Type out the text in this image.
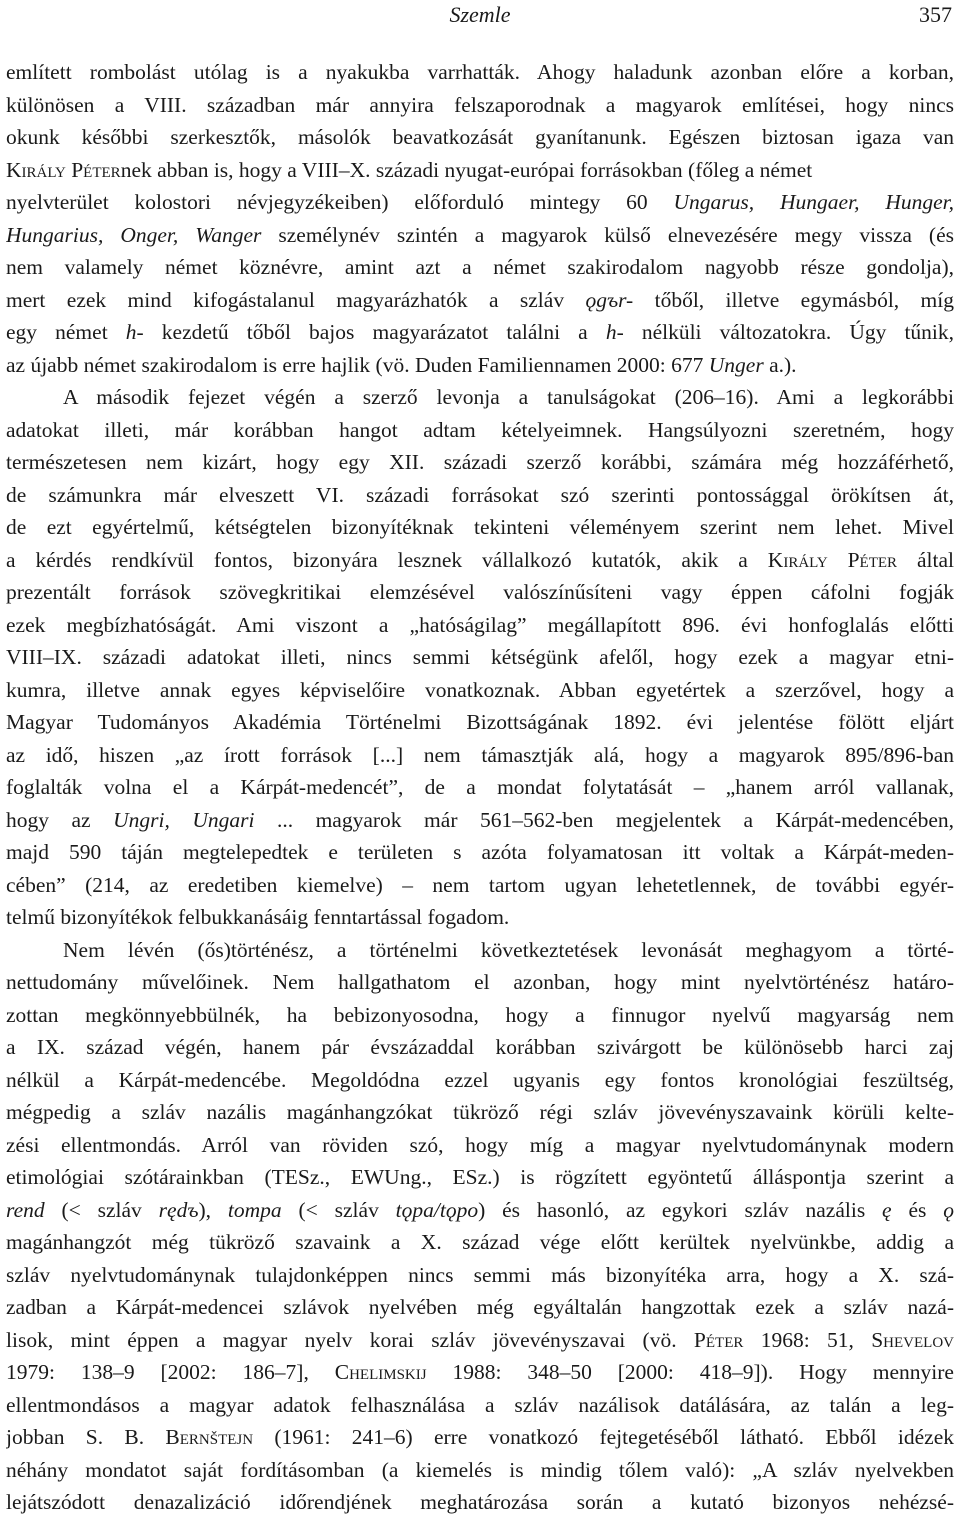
Szemle	357
említett rombolást utólag is a nyakukba varrhatták. Ahogy haladunk azonban előre a korban,
különösen a VIII. században már annyira felszaporodnak a magyarok említései, hogy nincs
okunk későbbi szerkesztők, másolók beavatkozását gyanítanunk. Egészen biztosan igaza van
Király Péternek abban is, hogy a VIII–X. századi nyugat-európai forrásokban (főleg a német
nyelvterület kolostori névjegyzékeiben) előforduló mintegy 60 Ungarus, Hungaer, Hunger,
Hungarius, Onger, Wanger személynév szintén a magyarok külső elnevezésére megy vissza (és
nem valamely német köznévre, amint azt a német szakirodalom nagyobb része gondolja),
mert ezek mind kifogástalanul magyarázhatók a szláv ǫgъr- tőből, illetve egymásból, míg
egy német h- kezdetű tőből bajos magyarázatot találni a h- nélküli változatokra. Úgy tűnik,
az újabb német szakirodalom is erre hajlik (vö. Duden Familiennamen 2000: 677 Unger a.).
A második fejezet végén a szerző levonja a tanulságokat (206–16). Ami a legkorábbi
adatokat illeti, már korábban hangot adtam kételyeimnek. Hangsúlyozni szeretném, hogy
természetesen nem kizárt, hogy egy XII. századi szerző korábbi, számára még hozzáférhető,
de számunkra már elveszett VI. századi forrásokat szó szerinti pontossággal örökítsen át,
de ezt egyértelmű, kétségtelen bizonyítéknak tekinteni véleményem szerint nem lehet. Mivel
a kérdés rendkívül fontos, bizonyára lesznek vállalkozó kutatók, akik a Király Péter által
prezentált források szövegkritikai elemzésével valószínűsíteni vagy éppen cáfolni fogják
ezek megbízhatóságát. Ami viszont a „hatóságilag” megállapított 896. évi honfoglalás előtti
VIII–IX. századi adatokat illeti, nincs semmi kétségünk afelől, hogy ezek a magyar etni-
kumra, illetve annak egyes képviselőire vonatkoznak. Abban egyetértek a szerzővel, hogy a
Magyar Tudományos Akadémia Történelmi Bizottságának 1892. évi jelentése fölött eljárt
az idő, hiszen „az írott források [...] nem támasztják alá, hogy a magyarok 895/896-ban
foglalták volna el a Kárpát-medencét”, de a mondat folytatását – „hanem arról vallanak,
hogy az Ungri, Ungari ... magyarok már 561–562-ben megjelentek a Kárpát-medencében,
majd 590 táján megtelepedtek e területen s azóta folyamatosan itt voltak a Kárpát-meden-
cében” (214, az eredetiben kiemelve) – nem tartom ugyan lehetetlennek, de további egyér-
telmű bizonyítékok felbukkanásáig fenntartással fogadom.
Nem lévén (ős)történész, a történelmi következtetések levonását meghagyom a törté-
nettudomány művelőinek. Nem hallgathatom el azonban, hogy mint nyelvtörténész határo-
zottan megkönnyebbülnék, ha bebizonyosodna, hogy a finnugor nyelvű magyarság nem
a IX. század végén, hanem pár évszázaddal korábban szivárgott be különösebb harci zaj
nélkül a Kárpát-medencébe. Megoldódna ezzel ugyanis egy fontos kronológiai feszültség,
mégpedig a szláv nazális magánhangzókat tükröző régi szláv jövevényszavaink körüli kelte-
zési ellentmondás. Arról van röviden szó, hogy míg a magyar nyelvtudománynak modern
etimológiai szótárainkban (TESz., EWUng., ESz.) is rögzített egyöntetű álláspontja szerint a
rend (< szláv rędъ), tompa (< szláv tǫpa/tǫpo) és hasonló, az egykori szláv nazális ę és ǫ
magánhangzót még tükröző szavaink a X. század vége előtt kerültek nyelvünkbe, addig a
szláv nyelvtudománynak tulajdonképpen nincs semmi más bizonyítéka arra, hogy a X. szá-
zadban a Kárpát-medencei szlávok nyelvében még egyáltalán hangzottak ezek a szláv nazá-
lisok, mint éppen a magyar nyelv korai szláv jövevényszavai (vö. Péter 1968: 51, Shevelov
1979: 138–9 [2002: 186–7], Chelimskij 1988: 348–50 [2000: 418–9]). Hogy mennyire
ellentmondásos a magyar adatok felhasználása a szláv nazálisok datálására, az talán a leg-
jobban S. B. Bernštejn (1961: 241–6) erre vonatkozó fejtegetéséből látható. Ebből idézek
néhány mondatot saját fordításomban (a kiemelés is mindig tőlem való): „A szláv nyelvekben
lejátszódott denazalizáció időrendjének meghatározása során a kutató bizonyos nehézsé-
